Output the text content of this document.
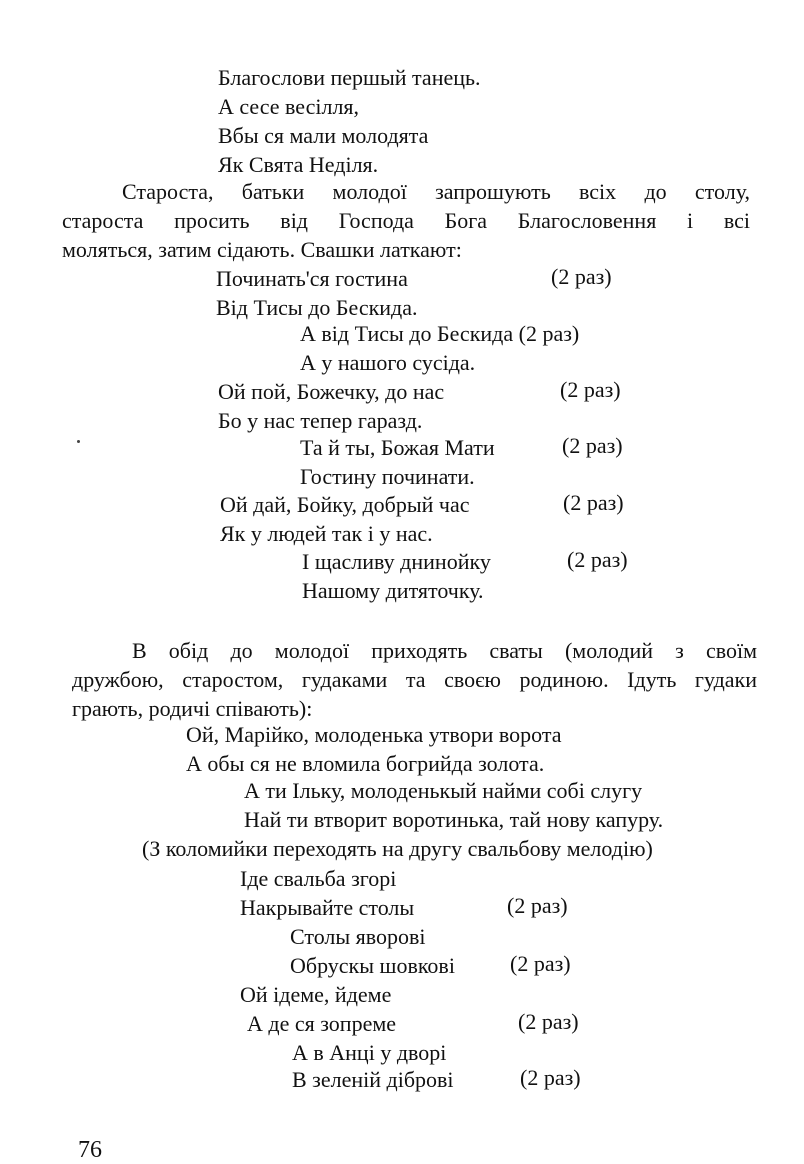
Благослови першый танець.
А сесе весілля,
Вбы ся мали молодята
Як Свята Неділя.
Староста, батьки молодої запрошують всіх до столу,
староста просить від Господа Бога Благословення і всі
моляться, затим сідають. Свашки латкают:
Починать'ся гостина	(2 раз)
Від Тисы до Бескида.
А від Тисы до Бескида (2 раз)
А у нашого сусіда.
Ой пой, Божечку, до нас	(2 раз)
Бо у нас тепер гаразд.
Та й ты, Божая Мати	(2 раз)
Гостину починати.
Ой дай, Бойку, добрый час	(2 раз)
Як у людей так і у нас.
І щасливу днинойку	(2 раз)
Нашому дитяточку.
В обід до молодої приходять сваты (молодий з своїм
дружбою, старостом, гудаками та своєю родиною. Ідуть гудаки
грають, родичі співають):
Ой, Марійко, молоденька утвори ворота
А обы ся не вломила богрийда золота.
А ти Ільку, молоденькый найми собі слугу
Най ти втворит воротинька, тай нову капуру.
(З коломийки переходять на другу свальбову мелодію)
Іде свальба згорі
Накрывайте столы	(2 раз)
Столы яворові
Обрускы шовкові	(2 раз)
Ой ідеме, йдеме
А де ся зопреме	(2 раз)
А в Анці у дворі
В зеленій діброві	(2 раз)
76
